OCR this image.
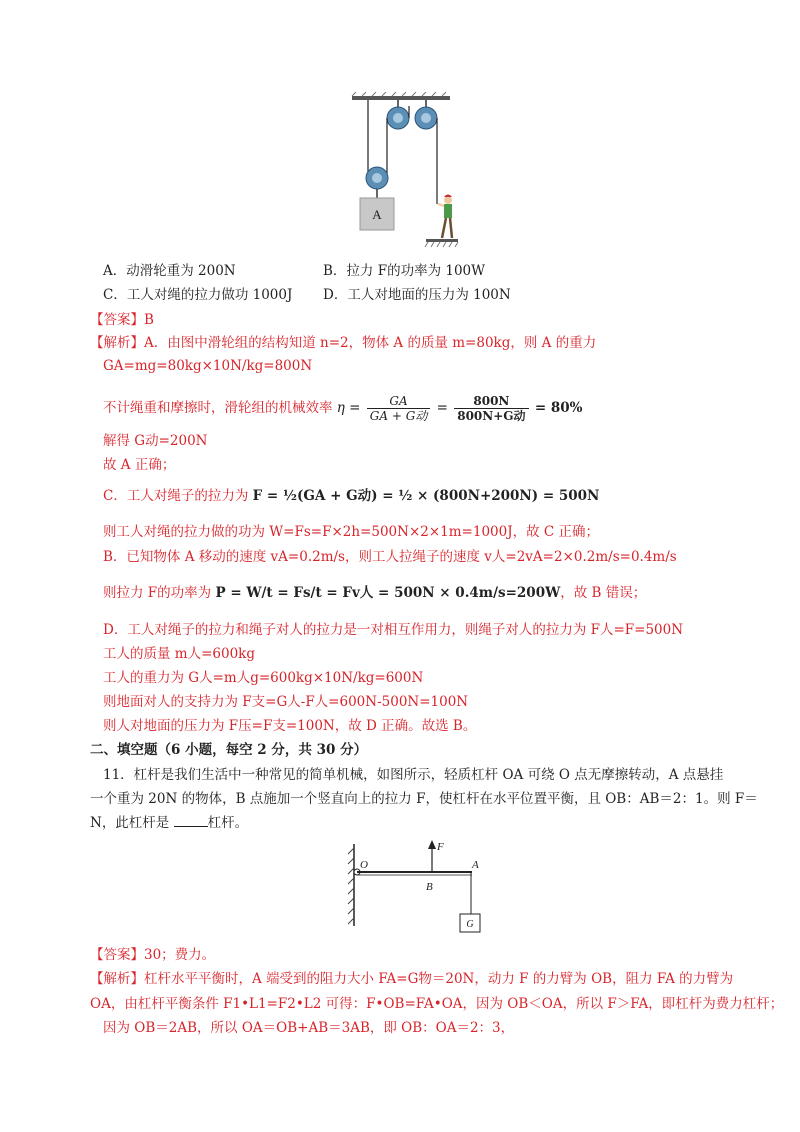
A
A．动滑轮重为 200N	B．拉力 F的功率为 100W
C．工人对绳的拉力做功 1000J D．工人对地面的压力为 100N
【答案】B
【解析】A．由图中滑轮组的结构知道 n=2，物体 A 的质量 m=80kg，则 A 的重力
GA=mg=80kg×10N/kg=800N
不计绳重和摩擦时，滑轮组的机械效率 $\eta = \frac{GA}{\text{GA + G动}} = \frac{800N}{\text{800N+G动}} = 80\%$
解得 G动=200N
故 A 正确；
C．工人对绳子的拉力为 F = ½(GA + G动) = ½ × (800N+200N) = 500N
则工人对绳的拉力做的功为 W=Fs=F×2h=500N×2×1m=1000J，故 C 正确；
B．已知物体 A 移动的速度 vA=0.2m/s，则工人拉绳子的速度 v人=2vA=2×0.2m/s=0.4m/s
则拉力 F的功率为 P = W/t = Fs/t = Fv人 = 500N × 0.4m/s=200W，故 B 错误；
D．工人对绳子的拉力和绳子对人的拉力是一对相互作用力，则绳子对人的拉力为 F人=F=500N
工人的质量 m人=600kg
工人的重力为 G人=m人g=600kg×10N/kg=600N
则地面对人的支持力为 F支=G人-F人=600N-500N=100N
则人对地面的压力为 F压=F支=100N，故 D 正确。故选 B。
二、填空题（6 小题，每空 2 分，共 30 分）
11．杠杆是我们生活中一种常见的简单机械，如图所示，轻质杠杆 OA 可绕 O 点无摩擦转动，A 点悬挂
一个重为 20N 的物体，B 点施加一个竖直向上的拉力 F，使杠杆在水平位置平衡，且 OB：AB＝2：1。则 F＝
N，此杠杆是	杠杆。
O
F
A
B
G
【答案】30；费力。
【解析】杠杆水平平衡时，A 端受到的阻力大小 FA=G物＝20N，动力 F 的力臂为 OB，阻力 FA 的力臂为
OA，由杠杆平衡条件 F1•L1=F2•L2 可得：F•OB=FA•OA，因为 OB＜OA，所以 F＞FA，即杠杆为费力杠杆；
因为 OB＝2AB，所以 OA＝OB+AB＝3AB，即 OB：OA＝2：3，
